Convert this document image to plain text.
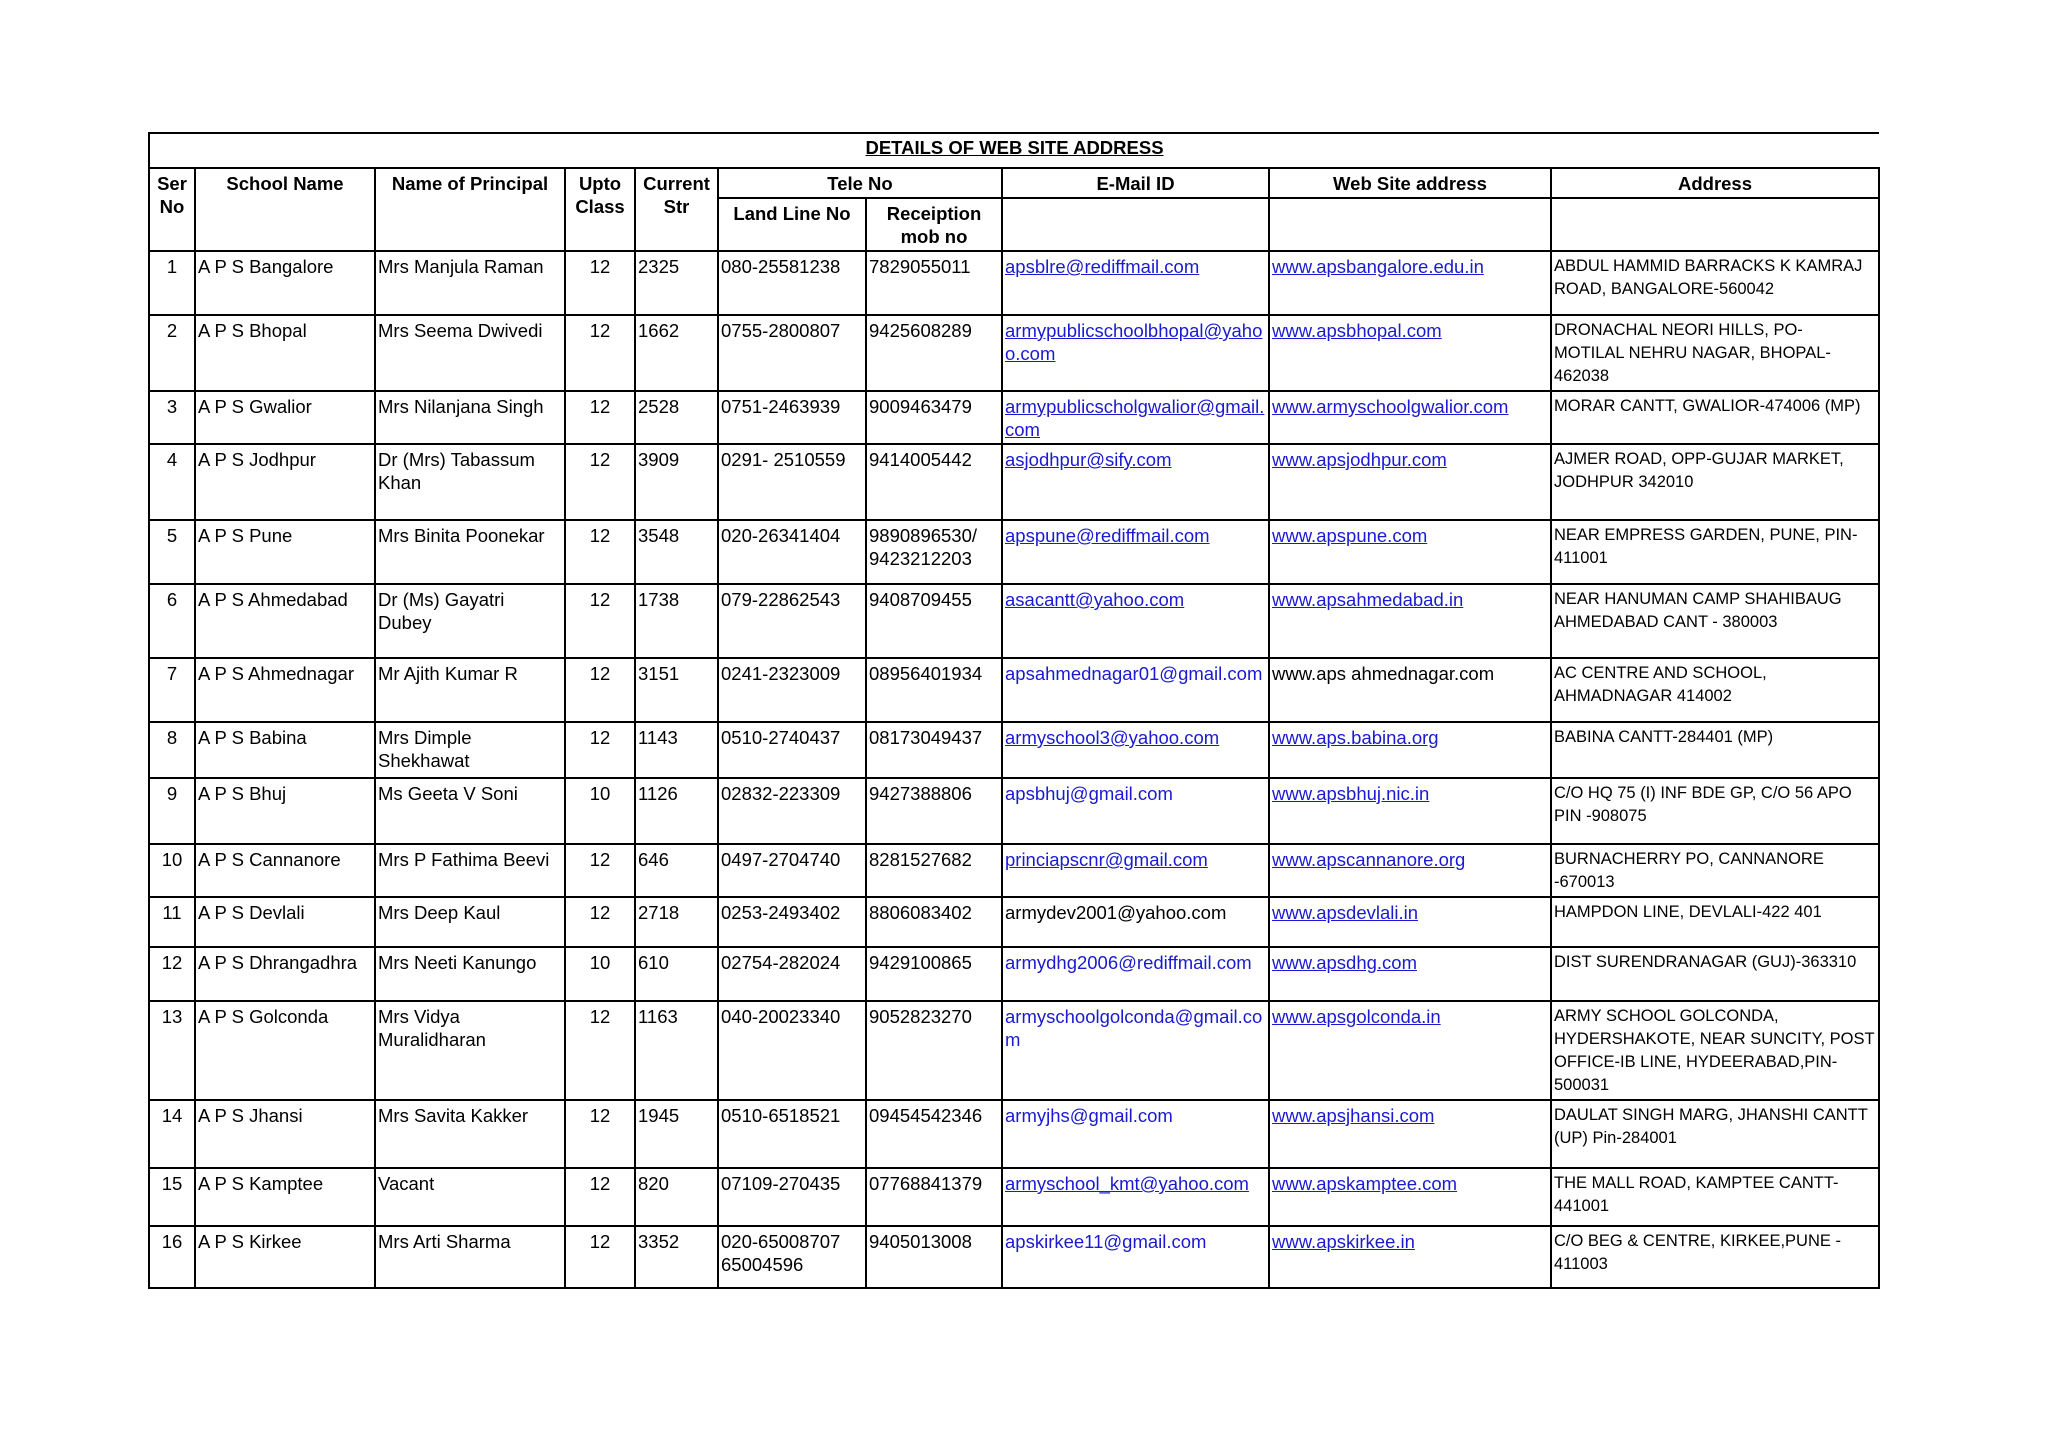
DETAILS OF WEB SITE ADDRESS									
Ser No	School Name	Name of Principal	Upto Class	Current Str	Tele No		E-Mail ID	Web Site address	Address
					Land Line No	Receiption mob no			
1	A P S Bangalore	Mrs Manjula Raman	12	2325	080-25581238	7829055011	apsblre@rediffmail.com	www.apsbangalore.edu.in	ABDUL HAMMID BARRACKS K KAMRAJ ROAD, BANGALORE-560042
2	A P S Bhopal	Mrs Seema Dwivedi	12	1662	0755-2800807	9425608289	armypublicschoolbhopal@yahoo.com	www.apsbhopal.com	DRONACHAL NEORI HILLS, PO- MOTILAL NEHRU NAGAR, BHOPAL-462038
3	A P S Gwalior	Mrs Nilanjana Singh	12	2528	0751-2463939	9009463479	armypublicscholgwalior@gmail.com	www.armyschoolgwalior.com	MORAR CANTT, GWALIOR-474006 (MP)
4	A P S Jodhpur	Dr (Mrs) Tabassum Khan	12	3909	0291- 2510559	9414005442	asjodhpur@sify.com	www.apsjodhpur.com	AJMER ROAD, OPP-GUJAR MARKET, JODHPUR 342010
5	A P S Pune	Mrs Binita Poonekar	12	3548	020-26341404	9890896530/ 9423212203	apspune@rediffmail.com	www.apspune.com	NEAR EMPRESS GARDEN, PUNE, PIN-411001
6	A P S Ahmedabad	Dr (Ms) Gayatri Dubey	12	1738	079-22862543	9408709455	asacantt@yahoo.com	www.apsahmedabad.in	NEAR HANUMAN CAMP SHAHIBAUG AHMEDABAD CANT - 380003
7	A P S Ahmednagar	Mr Ajith Kumar R	12	3151	0241-2323009	08956401934	apsahmednagar01@gmail.com	www.aps ahmednagar.com	AC CENTRE AND SCHOOL, AHMADNAGAR 414002
8	A P S Babina	Mrs Dimple Shekhawat	12	1143	0510-2740437	08173049437	armyschool3@yahoo.com	www.aps.babina.org	BABINA CANTT-284401 (MP)
9	A P S Bhuj	Ms Geeta V Soni	10	1126	02832-223309	9427388806	apsbhuj@gmail.com	www.apsbhuj.nic.in	C/O HQ 75 (I) INF BDE GP, C/O 56 APO PIN -908075
10	A P S Cannanore	Mrs P Fathima Beevi	12	646	0497-2704740	8281527682	princiapscnr@gmail.com	www.apscannanore.org	BURNACHERRY PO, CANNANORE -670013
11	A P S Devlali	Mrs Deep Kaul	12	2718	0253-2493402	8806083402	armydev2001@yahoo.com	www.apsdevlali.in	HAMPDON LINE, DEVLALI-422 401
12	A P S Dhrangadhra	Mrs Neeti Kanungo	10	610	02754-282024	9429100865	armydhg2006@rediffmail.com	www.apsdhg.com	DIST SURENDRANAGAR (GUJ)-363310
13	A P S Golconda	Mrs Vidya Muralidharan	12	1163	040-20023340	9052823270	armyschoolgolconda@gmail.com	www.apsgolconda.in	ARMY SCHOOL GOLCONDA, HYDERSHAKOTE, NEAR SUNCITY, POST OFFICE-IB LINE, HYDEERABAD,PIN-500031
14	A P S Jhansi	Mrs Savita Kakker	12	1945	0510-6518521	09454542346	armyjhs@gmail.com	www.apsjhansi.com	DAULAT SINGH MARG, JHANSHI CANTT (UP) Pin-284001
15	A P S Kamptee	Vacant	12	820	07109-270435	07768841379	armyschool_kmt@yahoo.com	www.apskamptee.com	THE MALL ROAD, KAMPTEE CANTT-441001
16	A P S Kirkee	Mrs Arti Sharma	12	3352	020-65008707 65004596	9405013008	apskirkee11@gmail.com	www.apskirkee.in	C/O BEG & CENTRE, KIRKEE,PUNE - 411003
